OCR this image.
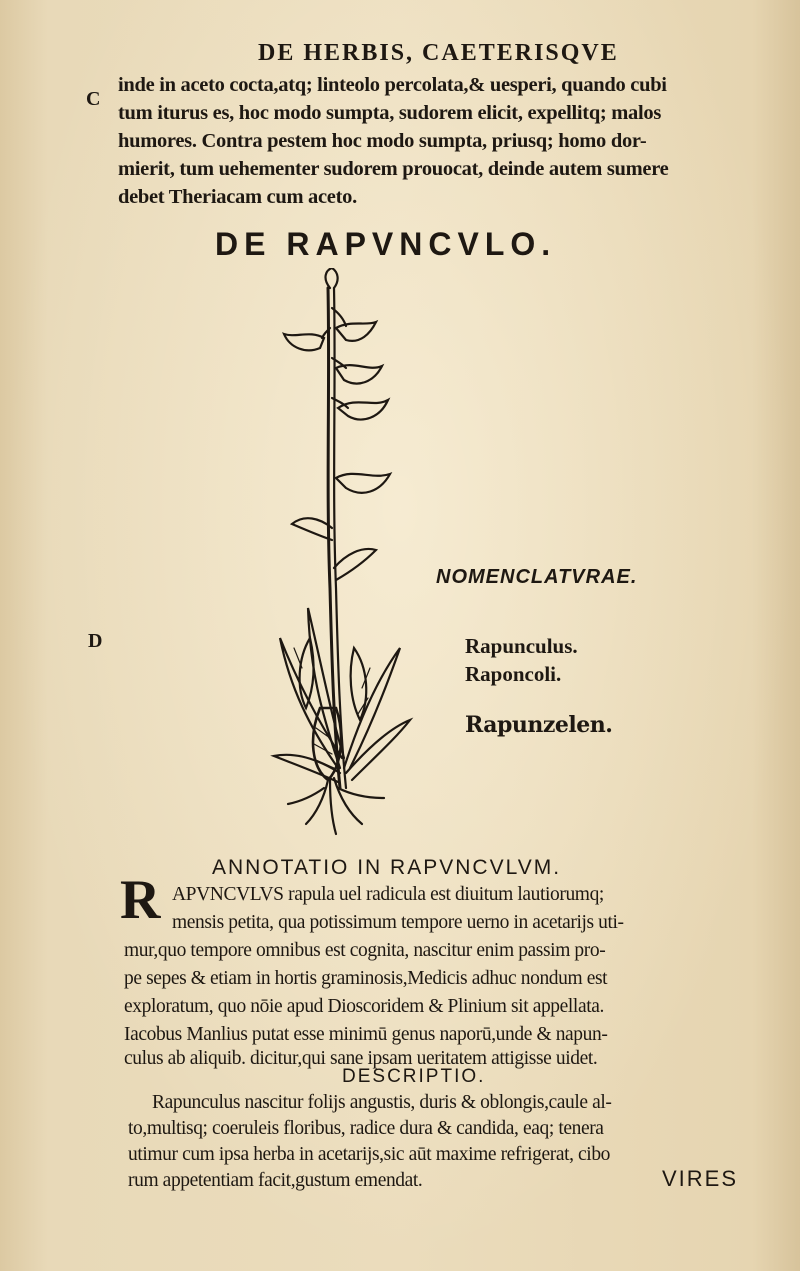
DE HERBIS, CAETERISQVE
C
inde in aceto cocta,atq; linteolo percolata,& uesperi, quando cubi
tum iturus es, hoc modo sumpta, sudorem elicit, expellitq; malos
humores. Contra pestem hoc modo sumpta, priusq; homo dor-
mierit, tum uehementer sudorem prouocat, deinde autem sumere
debet Theriacam cum aceto.
DE RAPVNCVLO.
NOMENCLATVRAE.
Rapunculus.
Raponcoli.
Rapunzelen.
D
ANNOTATIO IN RAPVNCVLVM.
R APVNCVLVS rapula uel radicula est diuitum lautiorumq;
mensis petita, qua potissimum tempore uerno in acetarijs uti-
mur,quo tempore omnibus est cognita, nascitur enim passim pro-
pe sepes & etiam in hortis graminosis,Medicis adhuc nondum est
exploratum, quo nōie apud Dioscoridem & Plinium sit appellata.
Iacobus Manlius putat esse minimū genus naporū,unde & napun-
culus ab aliquib. dicitur,qui sane ipsam ueritatem attigisse uidet.
DESCRIPTIO.
Rapunculus nascitur folijs angustis, duris & oblongis,caule al-
to,multisq; coeruleis floribus, radice dura & candida, eaq; tenera
utimur cum ipsa herba in acetarijs,sic aūt maxime refrigerat, cibo
rum appetentiam facit,gustum emendat.	VIRES
